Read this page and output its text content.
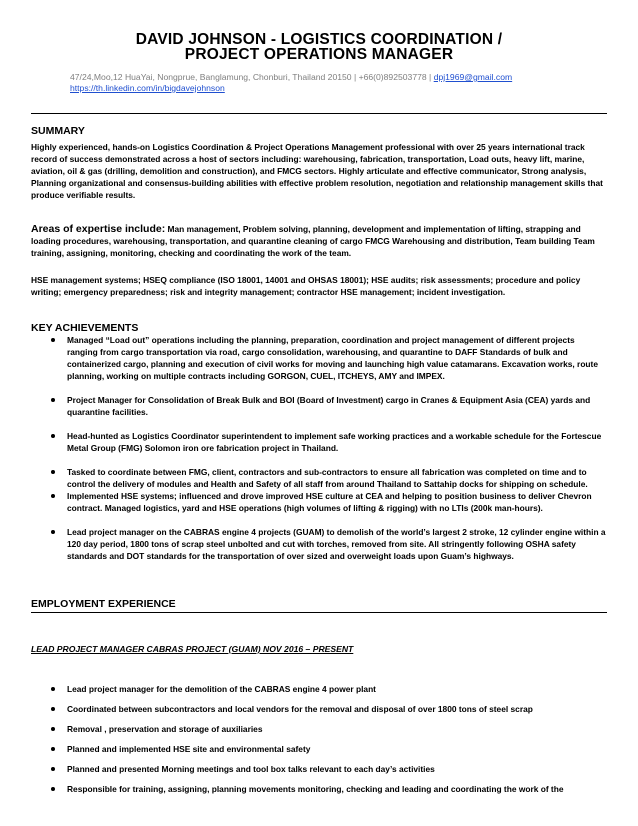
DAVID JOHNSON - LOGISTICS COORDINATION /
PROJECT OPERATIONS MANAGER
47/24,Moo,12 HuaYai, Nongprue, Banglamung, Chonburi, Thailand 20150 | +66(0)892503778 | dpj1969@gmail.com
https://th.linkedin.com/in/bigdavejohnson
SUMMARY
Highly experienced, hands-on Logistics Coordination & Project Operations Management professional with over 25 years international track record of success demonstrated across a host of sectors including: warehousing, fabrication, transportation, Load outs, heavy lift, marine, aviation, oil & gas (drilling, demolition and construction), and FMCG sectors. Highly articulate and effective communicator, Strong analysis, Planning organizational and consensus-building abilities with effective problem resolution, negotiation and relationship management skills that produce verifiable results.
Areas of expertise include: Man management, Problem solving, planning, development and implementation of lifting, strapping and loading procedures, warehousing, transportation, and quarantine cleaning of cargo FMCG Warehousing and distribution, Team building Team training, assigning, monitoring, checking and coordinating the work of the team.
HSE management systems; HSEQ compliance (ISO 18001, 14001 and OHSAS 18001); HSE audits; risk assessments; procedure and policy writing; emergency preparedness; risk and integrity management; contractor HSE management; incident investigation.
KEY ACHIEVEMENTS
Managed “Load out” operations including the planning, preparation, coordination and project management of different projects ranging from cargo transportation via road, cargo consolidation, warehousing, and quarantine to DAFF Standards of bulk and containerized cargo, planning and execution of civil works for moving and launching high value catamarans. Excavation works, route planning, working on multiple contracts including GORGON, CUEL, ITCHEYS, AMY and IMPEX.
Project Manager for Consolidation of Break Bulk and BOI (Board of Investment) cargo in Cranes & Equipment Asia (CEA) yards and quarantine facilities.
Head-hunted as Logistics Coordinator superintendent to implement safe working practices and a workable schedule for the Fortescue Metal Group (FMG) Solomon iron ore fabrication project in Thailand.
Tasked to coordinate between FMG, client, contractors and sub-contractors to ensure all fabrication was completed on time and to control the delivery of modules and Health and Safety of all staff from around Thailand to Sattahip docks for shipping on schedule.
Implemented HSE systems; influenced and drove improved HSE culture at CEA and helping to position business to deliver Chevron contract. Managed logistics, yard and HSE operations (high volumes of lifting & rigging) with no LTIs (200k man-hours).
Lead project manager on the CABRAS engine 4 projects (GUAM) to demolish of the world’s largest 2 stroke, 12 cylinder engine within a 120 day period, 1800 tons of scrap steel unbolted and cut with torches, removed from site. All stringently following OSHA safety standards and DOT standards for the transportation of over sized and overweight loads upon Guam’s highways.
EMPLOYMENT EXPERIENCE
LEAD PROJECT MANAGER CABRAS PROJECT (GUAM) NOV 2016 – PRESENT
Lead project manager for the demolition of the CABRAS engine 4 power plant
Coordinated between subcontractors and local vendors for the removal and disposal of over 1800 tons of steel scrap
Removal , preservation and storage of auxiliaries
Planned and implemented HSE site and environmental safety
Planned and presented Morning meetings and tool box talks relevant to each day’s activities
Responsible for training, assigning, planning movements monitoring, checking and leading and coordinating the work of the
